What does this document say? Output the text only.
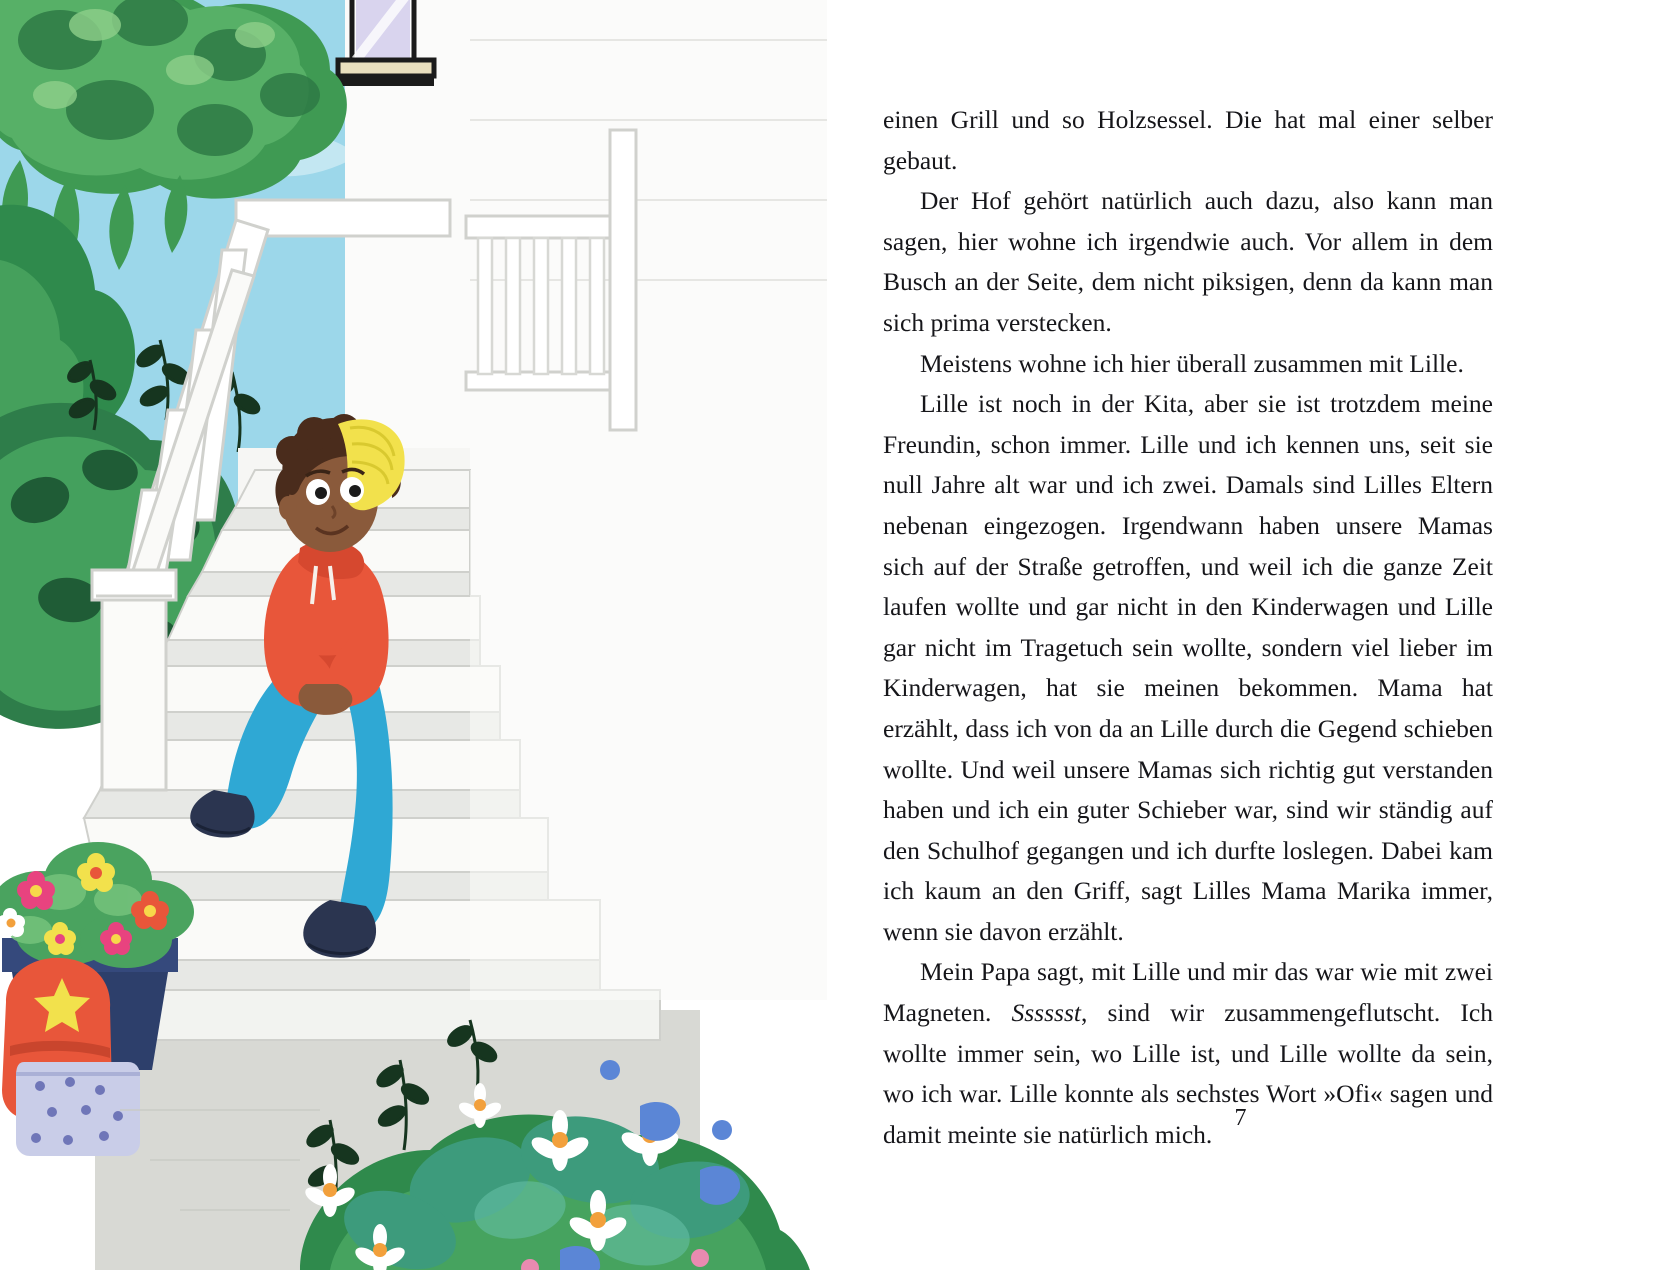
einen Grill und so Holzsessel. Die hat mal einer selber gebaut.

Der Hof gehört natürlich auch dazu, also kann man sagen, hier wohne ich irgendwie auch. Vor allem in dem Busch an der Seite, dem nicht piksigen, denn da kann man sich prima verstecken.

Meistens wohne ich hier überall zusammen mit Lille.

Lille ist noch in der Kita, aber sie ist trotzdem meine Freundin, schon immer. Lille und ich kennen uns, seit sie null Jahre alt war und ich zwei. Damals sind Lilles Eltern nebenan eingezogen. Irgendwann haben unsere Mamas sich auf der Straße getroffen, und weil ich die ganze Zeit laufen wollte und gar nicht in den Kinderwagen und Lille gar nicht im Tragetuch sein wollte, sondern viel lieber im Kinderwagen, hat sie meinen bekommen. Mama hat erzählt, dass ich von da an Lille durch die Gegend schieben wollte. Und weil unsere Mamas sich richtig gut verstanden haben und ich ein guter Schieber war, sind wir ständig auf den Schulhof gegangen und ich durfte loslegen. Dabei kam ich kaum an den Griff, sagt Lilles Mama Marika immer, wenn sie davon erzählt.

Mein Papa sagt, mit Lille und mir das war wie mit zwei Magneten. Sssssst, sind wir zusammengeflutscht. Ich wollte immer sein, wo Lille ist, und Lille wollte da sein, wo ich war. Lille konnte als sechstes Wort »Ofi« sagen und damit meinte sie natürlich mich.

7
